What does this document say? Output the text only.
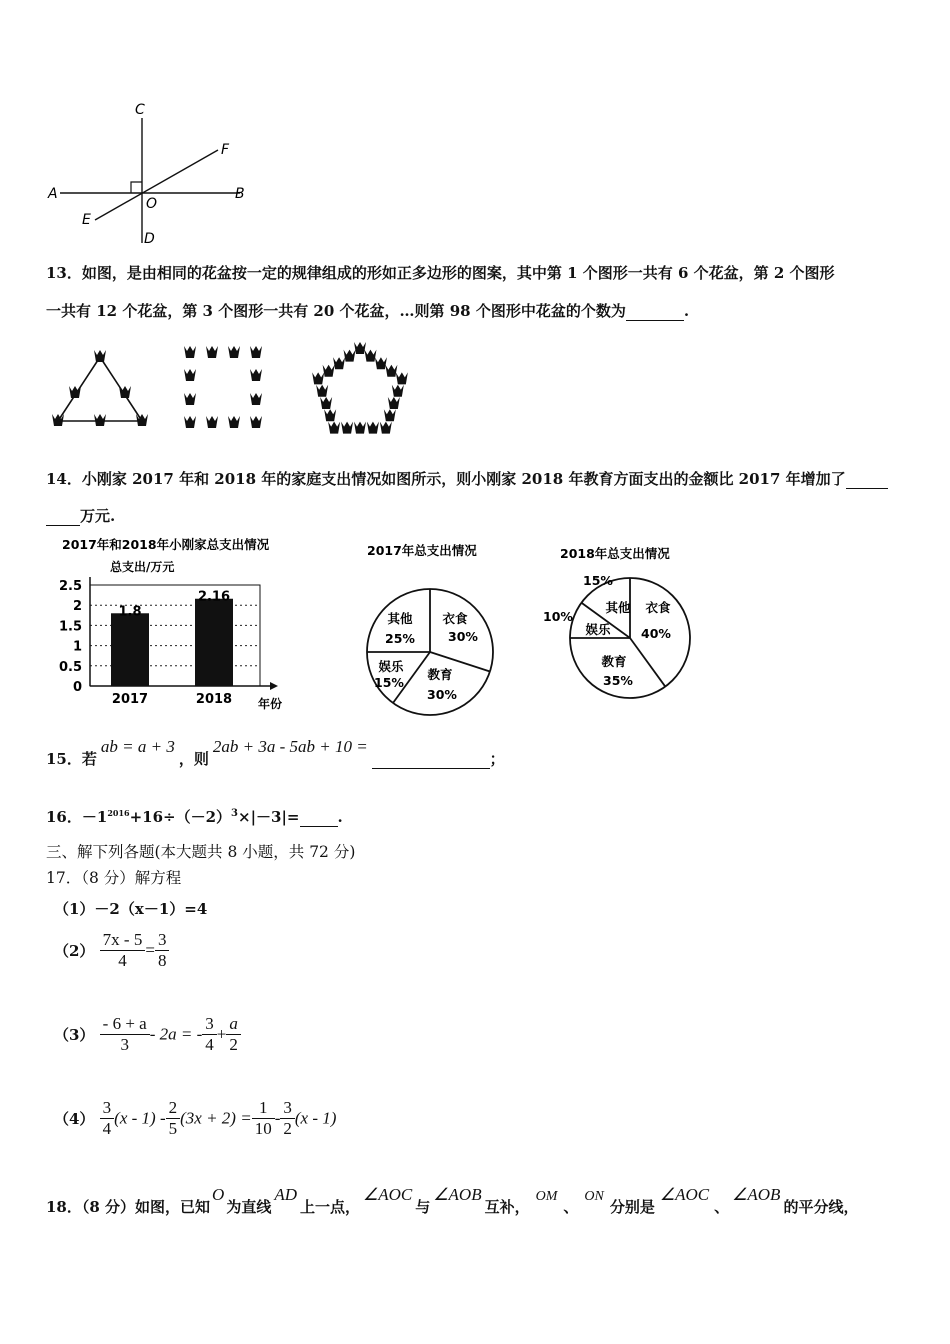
C
F
A
O
B
E
D
13．如图，是由相同的花盆按一定的规律组成的形如正多边形的图案，其中第 1 个图形一共有 6 个花盆，第 2 个图形
一共有 12 个花盆，第 3 个图形一共有 20 个花盆，…则第 98 个图形中花盆的个数为	.
14．小刚家 2017 年和 2018 年的家庭支出情况如图所示，则小刚家 2018 年教育方面支出的金额比 2017 年增加了
万元.
2017年和2018年小刚家总支出情况
总支出/万元
年份
2.5
2
1.5
1
0.5
0
1.8
2017
2.16
2018
2017年总支出情况
其他
25%
衣食
30%
娱乐
15%
教育
30%
2018年总支出情况
其他
15%
衣食
40%
娱乐
10%
教育
35%
15．若ab = a + 3，则2ab + 3a - 5ab + 10 =；
16．$-1^{2016}+16\div(-2)^3\times|-3|=$	.
三、解下列各题(本大题共 8 小题，共 72 分)
17．（8 分）解方程
（1）－2（x－1）=4
$(2) \frac{7x - 5}{4} = \frac{3}{8}$
$(3) \frac{- 6 + a}{3} - 2a$ = - $\frac{3}{4} + \frac{a}{2}$
$(4) \frac{3}{4} (x - 1) - \frac{2}{5} (3x + 2) = \frac{1}{10} - \frac{3}{2} (x - 1)$
18．（8 分）如图，已知O为直线AD上一点，∠AOC与∠AOB互补，OM、ON分别是∠AOC、∠AOB的平分线，
